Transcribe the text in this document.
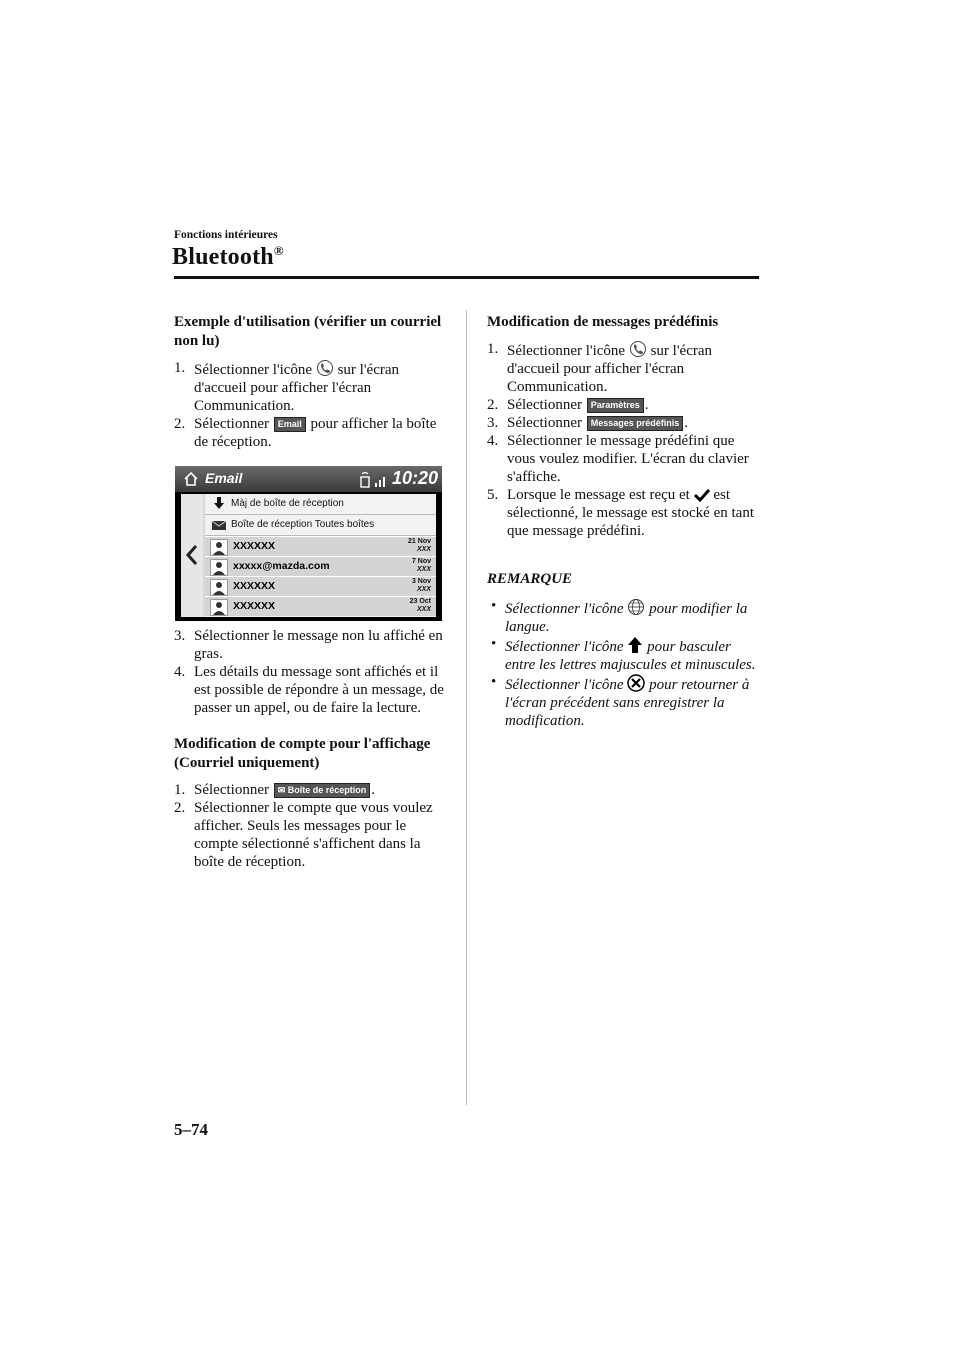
Fonctions intérieures
Bluetooth®
Exemple d'utilisation (vérifier un courriel non lu)
1. Sélectionner l'icône sur l'écran d'accueil pour afficher l'écran Communication.
2. Sélectionner Email pour afficher la boîte de réception.
Email	10:20
Màj de boîte de réception
Boîte de réception Toutes boîtes
XXXXXX	21 Nov
XXX
xxxxx@mazda.com	7 Nov
XXX
XXXXXX	3 Nov
XXX
XXXXXX	23 Oct
XXX
3. Sélectionner le message non lu affiché en gras.
4. Les détails du message sont affichés et il est possible de répondre à un message, de passer un appel, ou de faire la lecture.
Modification de compte pour l'affichage (Courriel uniquement)
1. Sélectionner ✉ Boîte de réception .
2. Sélectionner le compte que vous voulez afficher. Seuls les messages pour le compte sélectionné s'affichent dans la boîte de réception.
Modification de messages prédéfinis
1. Sélectionner l'icône sur l'écran d'accueil pour afficher l'écran Communication.
2. Sélectionner Paramètres .
3. Sélectionner Messages prédéfinis .
4. Sélectionner le message prédéfini que vous voulez modifier. L'écran du clavier s'affiche.
5. Lorsque le message est reçu et est sélectionné, le message est stocké en tant que message prédéfini.
REMARQUE
• Sélectionner l'icône pour modifier la langue.
• Sélectionner l'icône pour basculer entre les lettres majuscules et minuscules.
• Sélectionner l'icône pour retourner à l'écran précédent sans enregistrer la modification.
5–74
